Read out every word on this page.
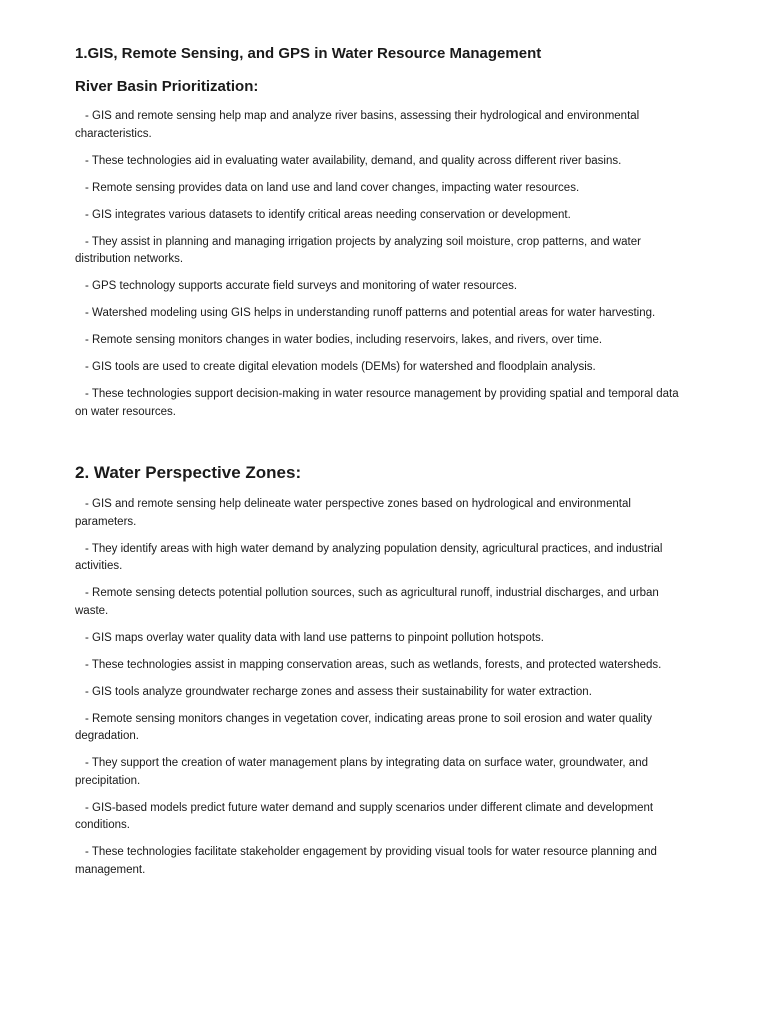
1.GIS, Remote Sensing, and GPS in Water Resource Management
River Basin Prioritization:
- GIS and remote sensing help map and analyze river basins, assessing their hydrological and environmental characteristics.
- These technologies aid in evaluating water availability, demand, and quality across different river basins.
- Remote sensing provides data on land use and land cover changes, impacting water resources.
- GIS integrates various datasets to identify critical areas needing conservation or development.
- They assist in planning and managing irrigation projects by analyzing soil moisture, crop patterns, and water distribution networks.
- GPS technology supports accurate field surveys and monitoring of water resources.
- Watershed modeling using GIS helps in understanding runoff patterns and potential areas for water harvesting.
- Remote sensing monitors changes in water bodies, including reservoirs, lakes, and rivers, over time.
- GIS tools are used to create digital elevation models (DEMs) for watershed and floodplain analysis.
- These technologies support decision-making in water resource management by providing spatial and temporal data on water resources.
2. Water Perspective Zones:
- GIS and remote sensing help delineate water perspective zones based on hydrological and environmental parameters.
- They identify areas with high water demand by analyzing population density, agricultural practices, and industrial activities.
- Remote sensing detects potential pollution sources, such as agricultural runoff, industrial discharges, and urban waste.
- GIS maps overlay water quality data with land use patterns to pinpoint pollution hotspots.
- These technologies assist in mapping conservation areas, such as wetlands, forests, and protected watersheds.
- GIS tools analyze groundwater recharge zones and assess their sustainability for water extraction.
- Remote sensing monitors changes in vegetation cover, indicating areas prone to soil erosion and water quality degradation.
- They support the creation of water management plans by integrating data on surface water, groundwater, and precipitation.
- GIS-based models predict future water demand and supply scenarios under different climate and development conditions.
- These technologies facilitate stakeholder engagement by providing visual tools for water resource planning and management.
